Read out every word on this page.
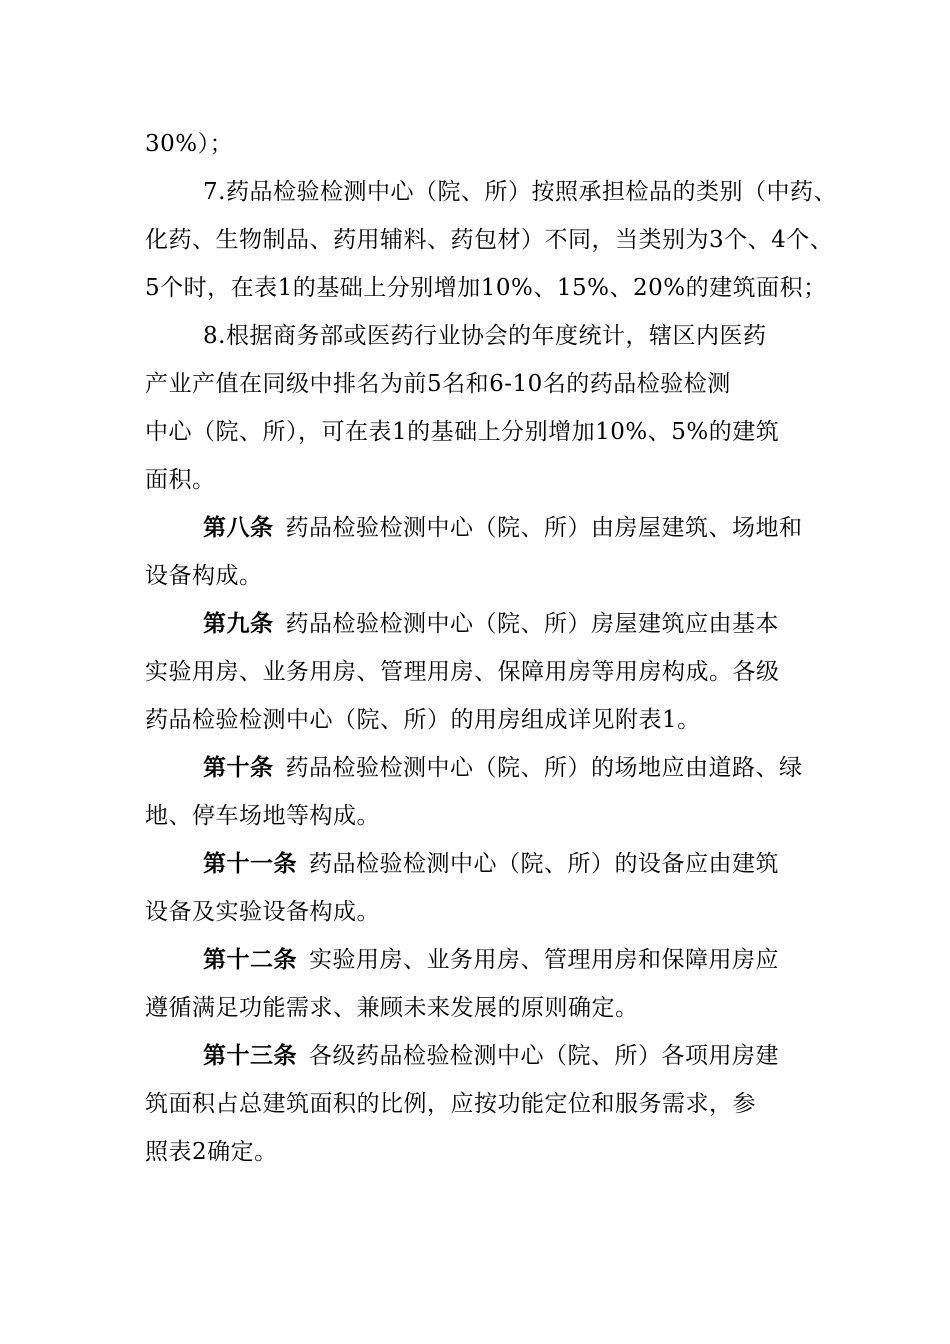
30%）；
7.药品检验检测中心（院、所）按照承担检品的类别（中药、
化药、生物制品、药用辅料、药包材）不同，当类别为3个、4个、
5个时，在表1的基础上分别增加10%、15%、20%的建筑面积；
8.根据商务部或医药行业协会的年度统计，辖区内医药
产业产值在同级中排名为前5名和6-10名的药品检验检测
中心（院、所），可在表1的基础上分别增加10%、5%的建筑
面积。
第八条 药品检验检测中心（院、所）由房屋建筑、场地和
设备构成。
第九条 药品检验检测中心（院、所）房屋建筑应由基本
实验用房、业务用房、管理用房、保障用房等用房构成。各级
药品检验检测中心（院、所）的用房组成详见附表1。
第十条 药品检验检测中心（院、所）的场地应由道路、绿
地、停车场地等构成。
第十一条 药品检验检测中心（院、所）的设备应由建筑
设备及实验设备构成。
第十二条 实验用房、业务用房、管理用房和保障用房应
遵循满足功能需求、兼顾未来发展的原则确定。
第十三条 各级药品检验检测中心（院、所）各项用房建
筑面积占总建筑面积的比例，应按功能定位和服务需求，参
照表2确定。
